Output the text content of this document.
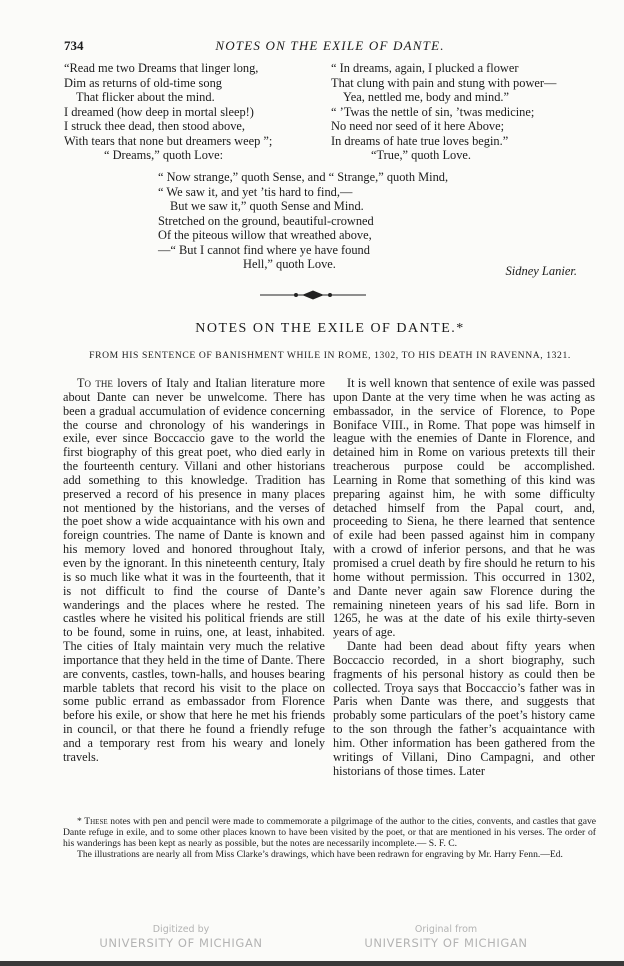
734	NOTES ON THE EXILE OF DANTE.
“Read me two Dreams that linger long,
Dim as returns of old-time song
That flicker about the mind.
I dreamed (how deep in mortal sleep!)
I struck thee dead, then stood above,
With tears that none but dreamers weep ”;
“ Dreams,” quoth Love:
“ In dreams, again, I plucked a flower
That clung with pain and stung with power—
Yea, nettled me, body and mind.”
“ ’Twas the nettle of sin, ’twas medicine;
No need nor seed of it here Above;
In dreams of hate true loves begin.”
“True,” quoth Love.
“ Now strange,” quoth Sense, and “ Strange,” quoth Mind,
“ We saw it, and yet ’tis hard to find,—
But we saw it,” quoth Sense and Mind.
Stretched on the ground, beautiful-crowned
Of the piteous willow that wreathed above,
—“ But I cannot find where ye have found
Hell,” quoth Love.	Sidney Lanier.
NOTES ON THE EXILE OF DANTE.*
FROM HIS SENTENCE OF BANISHMENT WHILE IN ROME, 1302, TO HIS DEATH IN RAVENNA, 1321.

To the lovers of Italy and Italian literature more about Dante can never be unwelcome. There has been a gradual accumulation of evidence concerning the course and chronology of his wanderings in exile, ever since Boccaccio gave to the world the first biography of this great poet, who died early in the fourteenth century. Villani and other historians add something to this knowledge. Tradition has preserved a record of his presence in many places not mentioned by the historians, and the verses of the poet show a wide acquaintance with his own and foreign countries. The name of Dante is known and his memory loved and honored throughout Italy, even by the ignorant. In this nineteenth century, Italy is so much like what it was in the fourteenth, that it is not difficult to find the course of Dante’s wanderings and the places where he rested. The castles where he visited his political friends are still to be found, some in ruins, one, at least, inhabited. The cities of Italy maintain very much the relative importance that they held in the time of Dante. There are convents, castles, town-halls, and houses bearing marble tablets that record his visit to the place on some public errand as embassador from Florence before his exile, or show that here he met his friends in council, or that there he found a friendly refuge and a temporary rest from his weary and lonely travels.

It is well known that sentence of exile was passed upon Dante at the very time when he was acting as embassador, in the service of Florence, to Pope Boniface VIII., in Rome. That pope was himself in league with the enemies of Dante in Florence, and detained him in Rome on various pretexts till their treacherous purpose could be accomplished. Learning in Rome that something of this kind was preparing against him, he with some difficulty detached himself from the Papal court, and, proceeding to Siena, he there learned that sentence of exile had been passed against him in company with a crowd of inferior persons, and that he was promised a cruel death by fire should he return to his home without permission. This occurred in 1302, and Dante never again saw Florence during the remaining nineteen years of his sad life. Born in 1265, he was at the date of his exile thirty-seven years of age.

Dante had been dead about fifty years when Boccaccio recorded, in a short biography, such fragments of his personal history as could then be collected. Troya says that Boccaccio’s father was in Paris when Dante was there, and suggests that probably some particulars of the poet’s history came to the son through the father’s acquaintance with him. Other information has been gathered from the writings of Villani, Dino Campagni, and other historians of those times. Later

* These notes with pen and pencil were made to commemorate a pilgrimage of the author to the cities, convents, and castles that gave Dante refuge in exile, and to some other places known to have been visited by the poet, or that are mentioned in his verses. The order of his wanderings has been kept as nearly as possible, but the notes are necessarily incomplete.— S. F. C.

The illustrations are nearly all from Miss Clarke’s drawings, which have been redrawn for engraving by Mr. Harry Fenn.—Ed.

Digitized by
UNIVERSITY OF MICHIGAN
Original from
UNIVERSITY OF MICHIGAN
